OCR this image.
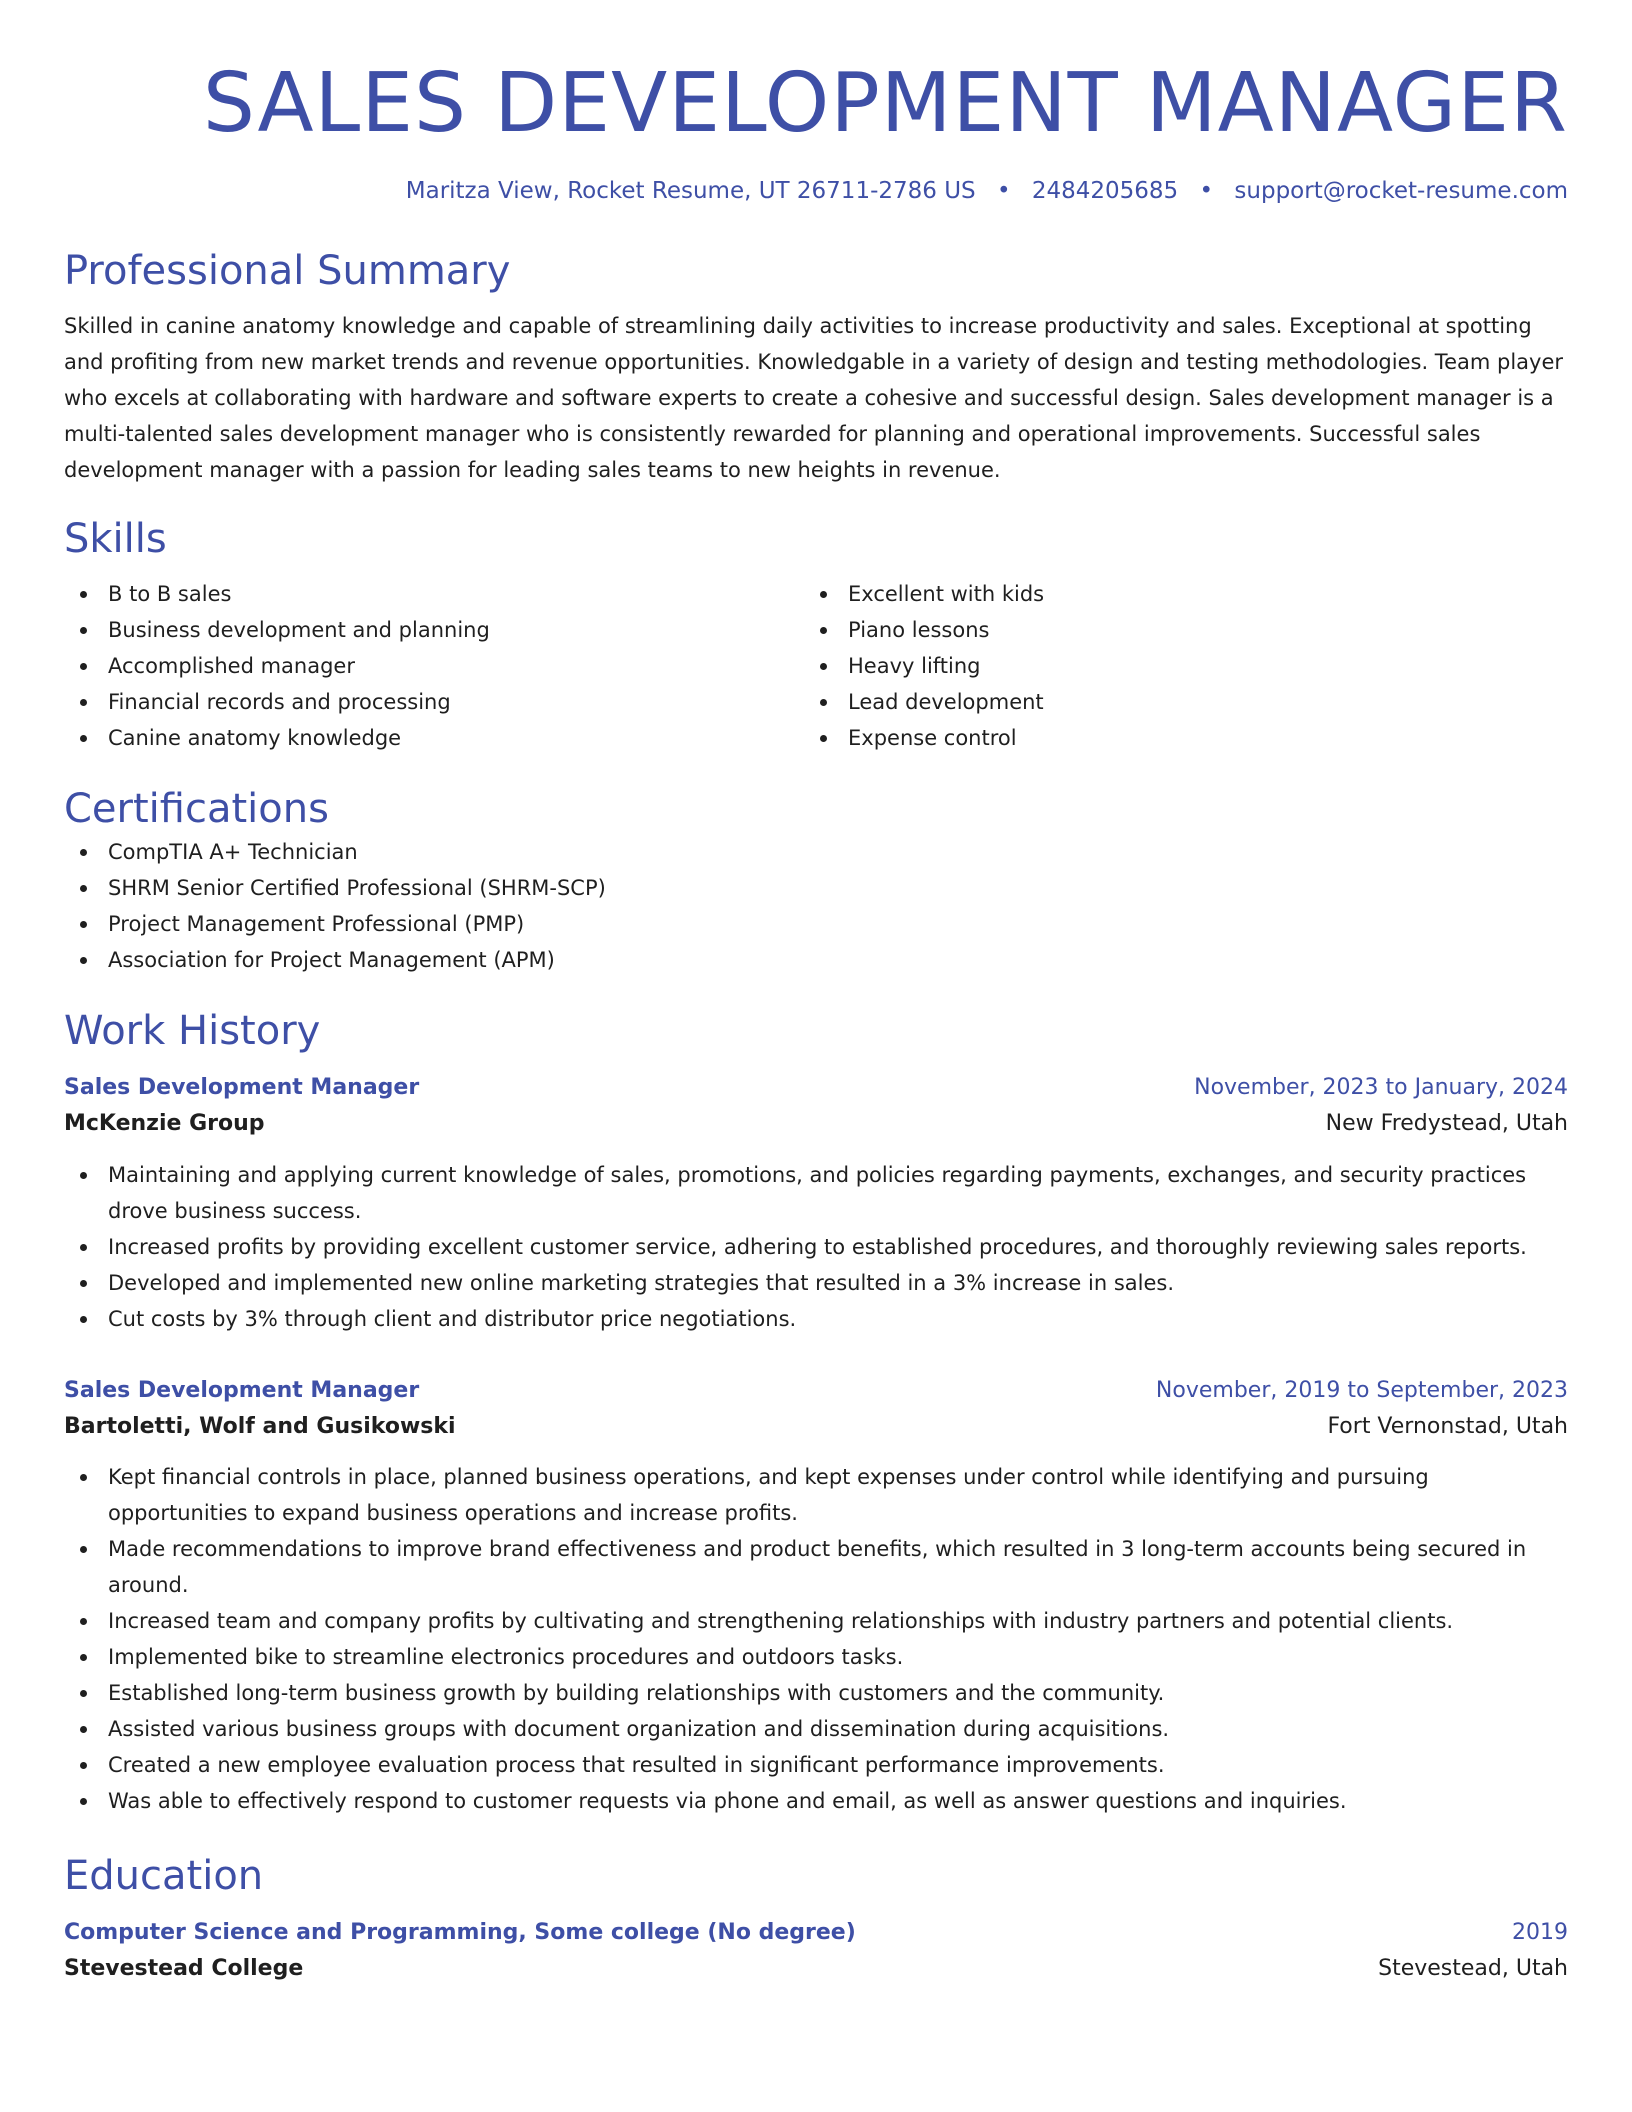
SALES DEVELOPMENT MANAGER
Maritza View, Rocket Resume, UT 26711-2786 US • 2484205685 • support@rocket-resume.com
Professional Summary
Skilled in canine anatomy knowledge and capable of streamlining daily activities to increase productivity and sales. Exceptional at spotting and profiting from new market trends and revenue opportunities. Knowledgable in a variety of design and testing methodologies. Team player who excels at collaborating with hardware and software experts to create a cohesive and successful design. Sales development manager is a multi-talented sales development manager who is consistently rewarded for planning and operational improvements. Successful sales development manager with a passion for leading sales teams to new heights in revenue.
Skills
B to B sales
Business development and planning
Accomplished manager
Financial records and processing
Canine anatomy knowledge
Excellent with kids
Piano lessons
Heavy lifting
Lead development
Expense control
Certifications
CompTIA A+ Technician
SHRM Senior Certified Professional (SHRM-SCP)
Project Management Professional (PMP)
Association for Project Management (APM)
Work History
Sales Development Manager	November, 2023 to January, 2024
McKenzie Group	New Fredystead, Utah
Maintaining and applying current knowledge of sales, promotions, and policies regarding payments, exchanges, and security practices drove business success.
Increased profits by providing excellent customer service, adhering to established procedures, and thoroughly reviewing sales reports.
Developed and implemented new online marketing strategies that resulted in a 3% increase in sales.
Cut costs by 3% through client and distributor price negotiations.
Sales Development Manager	November, 2019 to September, 2023
Bartoletti, Wolf and Gusikowski	Fort Vernonstad, Utah
Kept financial controls in place, planned business operations, and kept expenses under control while identifying and pursuing opportunities to expand business operations and increase profits.
Made recommendations to improve brand effectiveness and product benefits, which resulted in 3 long-term accounts being secured in around.
Increased team and company profits by cultivating and strengthening relationships with industry partners and potential clients.
Implemented bike to streamline electronics procedures and outdoors tasks.
Established long-term business growth by building relationships with customers and the community.
Assisted various business groups with document organization and dissemination during acquisitions.
Created a new employee evaluation process that resulted in significant performance improvements.
Was able to effectively respond to customer requests via phone and email, as well as answer questions and inquiries.
Education
Computer Science and Programming, Some college (No degree)	2019
Stevestead College	Stevestead, Utah
